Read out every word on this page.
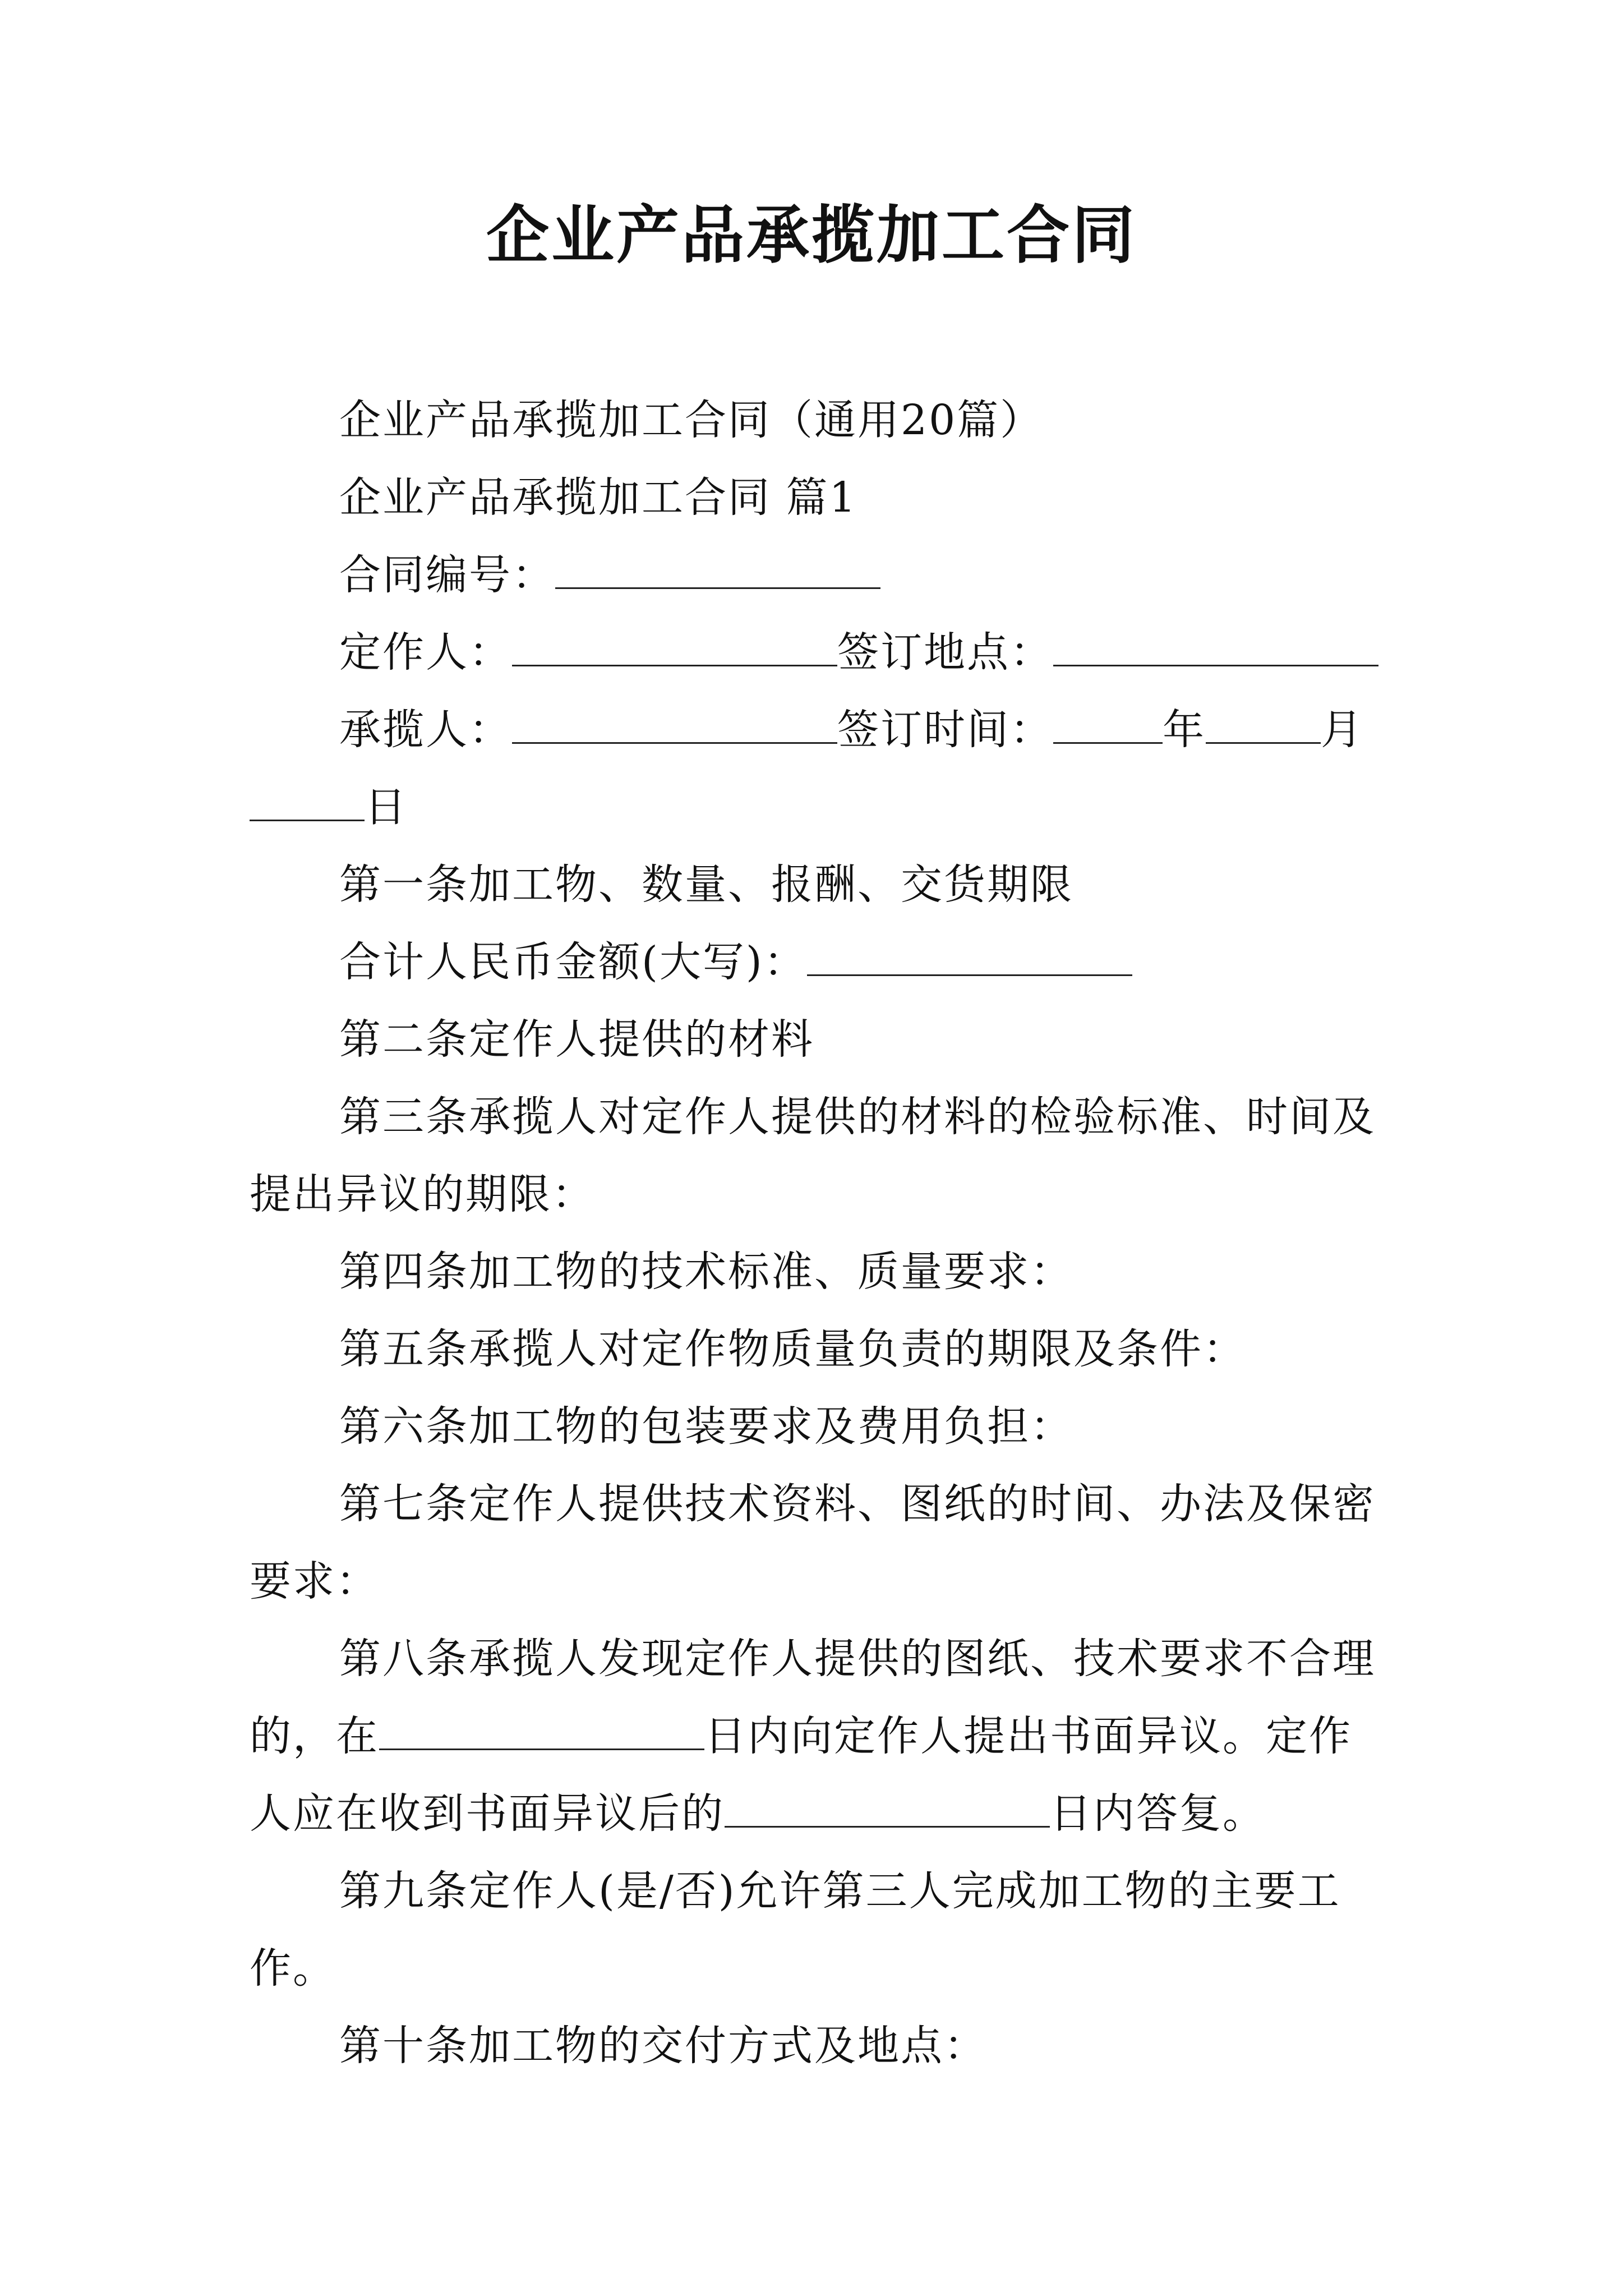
企业产品承揽加工合同

企业产品承揽加工合同（通用20篇）

企业产品承揽加工合同 篇1

合同编号：

定作人：	签订地点：

承揽人：	签订时间：	年	月日

第一条加工物、数量、报酬、交货期限

合计人民币金额(大写)：

第二条定作人提供的材料

第三条承揽人对定作人提供的材料的检验标准、时间及提出异议的期限：

第四条加工物的技术标准、质量要求：

第五条承揽人对定作物质量负责的期限及条件：

第六条加工物的包装要求及费用负担：

第七条定作人提供技术资料、图纸的时间、办法及保密要求：

第八条承揽人发现定作人提供的图纸、技术要求不合理的，在	日内向定作人提出书面异议。定作人应在收到书面异议后的	日内答复。

第九条定作人(是/否)允许第三人完成加工物的主要工作。

第十条加工物的交付方式及地点：
